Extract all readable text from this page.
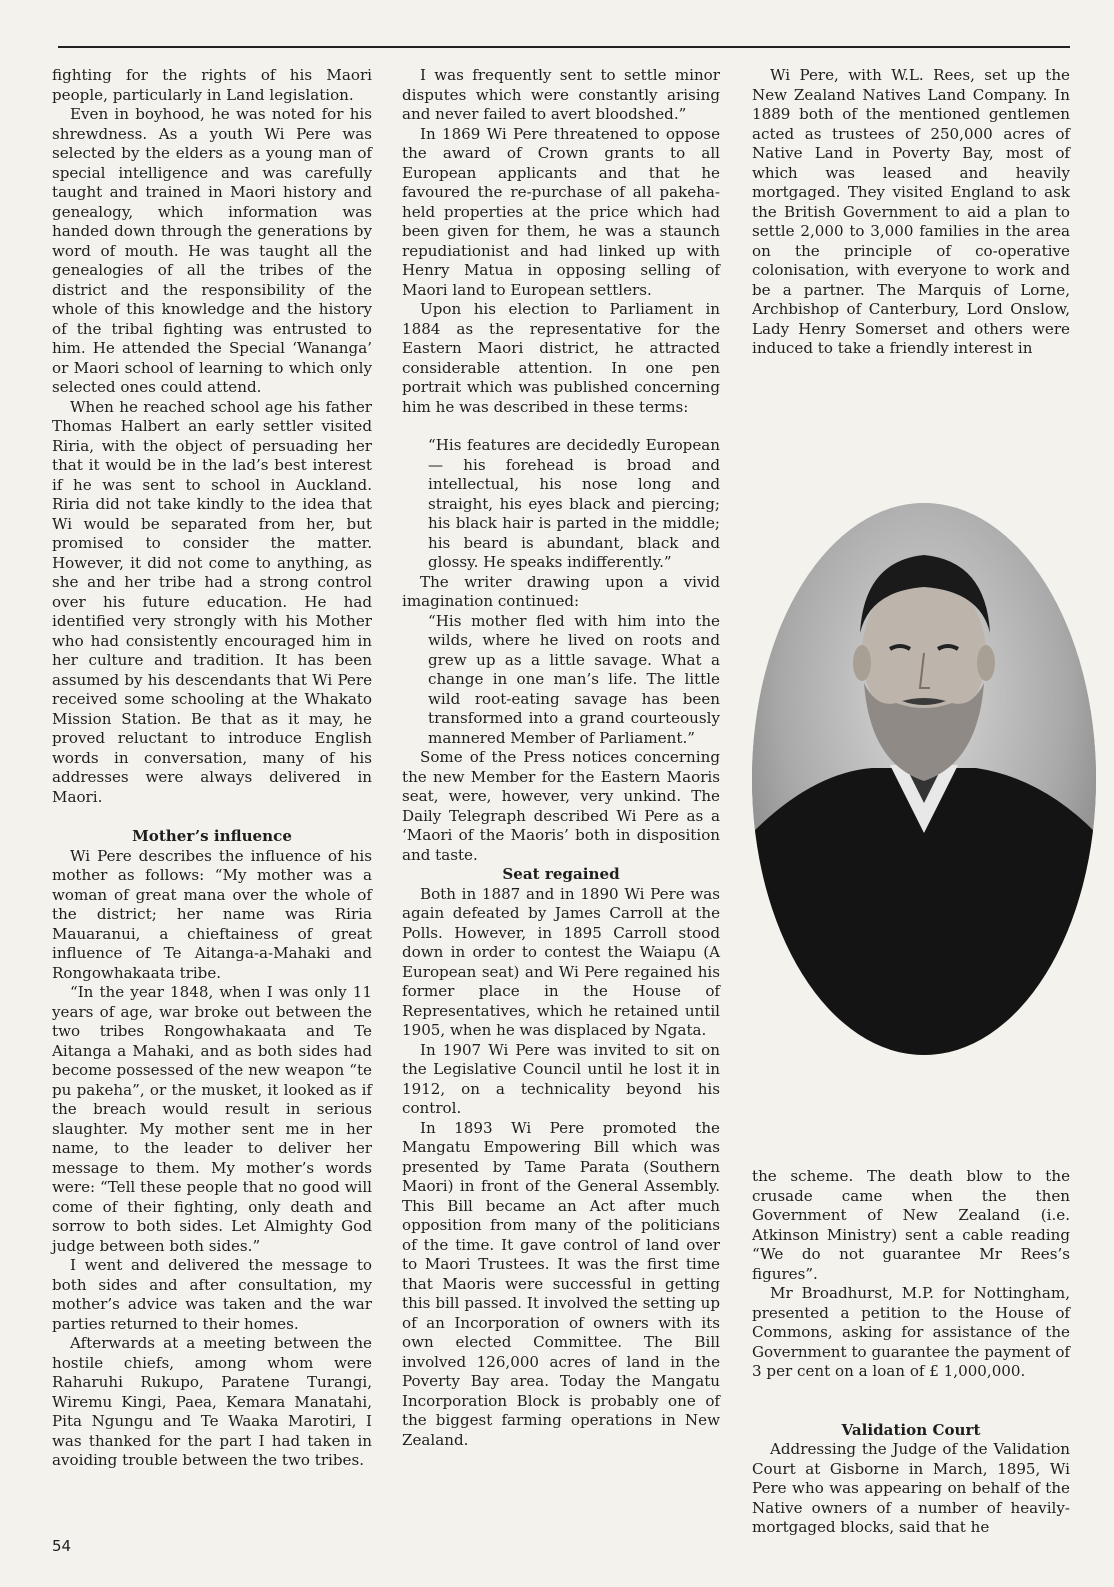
fighting for the rights of his Maori people, particularly in Land legislation.

Even in boyhood, he was noted for his shrewdness. As a youth Wi Pere was selected by the elders as a young man of special intelligence and was carefully taught and trained in Maori history and genealogy, which information was handed down through the generations by word of mouth. He was taught all the genealogies of all the tribes of the district and the responsibility of the whole of this knowledge and the history of the tribal fighting was entrusted to him. He attended the Special ‘Wananga’ or Maori school of learning to which only selected ones could attend.

When he reached school age his father Thomas Halbert an early settler visited Riria, with the object of persuading her that it would be in the lad’s best interest if he was sent to school in Auckland. Riria did not take kindly to the idea that Wi would be separated from her, but promised to consider the matter. However, it did not come to anything, as she and her tribe had a strong control over his future education. He had identified very strongly with his Mother who had consistently encouraged him in her culture and tradition. It has been assumed by his descendants that Wi Pere received some schooling at the Whakato Mission Station. Be that as it may, he proved reluctant to introduce English words in conversation, many of his addresses were always delivered in Maori.

Mother’s influence

Wi Pere describes the influence of his mother as follows: “My mother was a woman of great mana over the whole of the district; her name was Riria Mauaranui, a chieftainess of great influence of Te Aitanga-a-Mahaki and Rongowhakaata tribe.

“In the year 1848, when I was only 11 years of age, war broke out between the two tribes Rongowhakaata and Te Aitanga a Mahaki, and as both sides had become possessed of the new weapon “te pu pakeha”, or the musket, it looked as if the breach would result in serious slaughter. My mother sent me in her name, to the leader to deliver her message to them. My mother’s words were: “Tell these people that no good will come of their fighting, only death and sorrow to both sides. Let Almighty God judge between both sides.”

I went and delivered the message to both sides and after consultation, my mother’s advice was taken and the war parties returned to their homes.

Afterwards at a meeting between the hostile chiefs, among whom were Raharuhi Rukupo, Paratene Turangi, Wiremu Kingi, Paea, Kemara Manatahi, Pita Ngungu and Te Waaka Marotiri, I was thanked for the part I had taken in avoiding trouble between the two tribes.

I was frequently sent to settle minor disputes which were constantly arising and never failed to avert bloodshed.”

In 1869 Wi Pere threatened to oppose the award of Crown grants to all European applicants and that he favoured the re-purchase of all pakeha-held properties at the price which had been given for them, he was a staunch repudiationist and had linked up with Henry Matua in opposing selling of Maori land to European settlers.

Upon his election to Parliament in 1884 as the representative for the Eastern Maori district, he attracted considerable attention. In one pen portrait which was published concerning him he was described in these terms:

“His features are decidedly European — his forehead is broad and intellectual, his nose long and straight, his eyes black and piercing; his black hair is parted in the middle; his beard is abundant, black and glossy. He speaks indifferently.”

The writer drawing upon a vivid imagination continued:

“His mother fled with him into the wilds, where he lived on roots and grew up as a little savage. What a change in one man’s life. The little wild root-eating savage has been transformed into a grand courteously mannered Member of Parliament.”

Some of the Press notices concerning the new Member for the Eastern Maoris seat, were, however, very unkind. The Daily Telegraph described Wi Pere as a ‘Maori of the Maoris’ both in disposition and taste.

Seat regained

Both in 1887 and in 1890 Wi Pere was again defeated by James Carroll at the Polls. However, in 1895 Carroll stood down in order to contest the Waiapu (A European seat) and Wi Pere regained his former place in the House of Representatives, which he retained until 1905, when he was displaced by Ngata.

In 1907 Wi Pere was invited to sit on the Legislative Council until he lost it in 1912, on a technicality beyond his control.

In 1893 Wi Pere promoted the Mangatu Empowering Bill which was presented by Tame Parata (Southern Maori) in front of the General Assembly. This Bill became an Act after much opposition from many of the politicians of the time. It gave control of land over to Maori Trustees. It was the first time that Maoris were successful in getting this bill passed. It involved the setting up of an Incorporation of owners with its own elected Committee. The Bill involved 126,000 acres of land in the Poverty Bay area. Today the Mangatu Incorporation Block is probably one of the biggest farming operations in New Zealand.

Wi Pere, with W.L. Rees, set up the New Zealand Natives Land Company. In 1889 both of the mentioned gentlemen acted as trustees of 250,000 acres of Native Land in Poverty Bay, most of which was leased and heavily mortgaged. They visited England to ask the British Government to aid a plan to settle 2,000 to 3,000 families in the area on the principle of co-operative colonisation, with everyone to work and be a partner. The Marquis of Lorne, Archbishop of Canterbury, Lord Onslow, Lady Henry Somerset and others were induced to take a friendly interest in

the scheme. The death blow to the crusade came when the then Government of New Zealand (i.e. Atkinson Ministry) sent a cable reading “We do not guarantee Mr Rees’s figures”.

Mr Broadhurst, M.P. for Nottingham, presented a petition to the House of Commons, asking for assistance of the Government to guarantee the payment of 3 per cent on a loan of £ 1,000,000.

Validation Court

Addressing the Judge of the Validation Court at Gisborne in March, 1895, Wi Pere who was appearing on behalf of the Native owners of a number of heavily-mortgaged blocks, said that he

54
